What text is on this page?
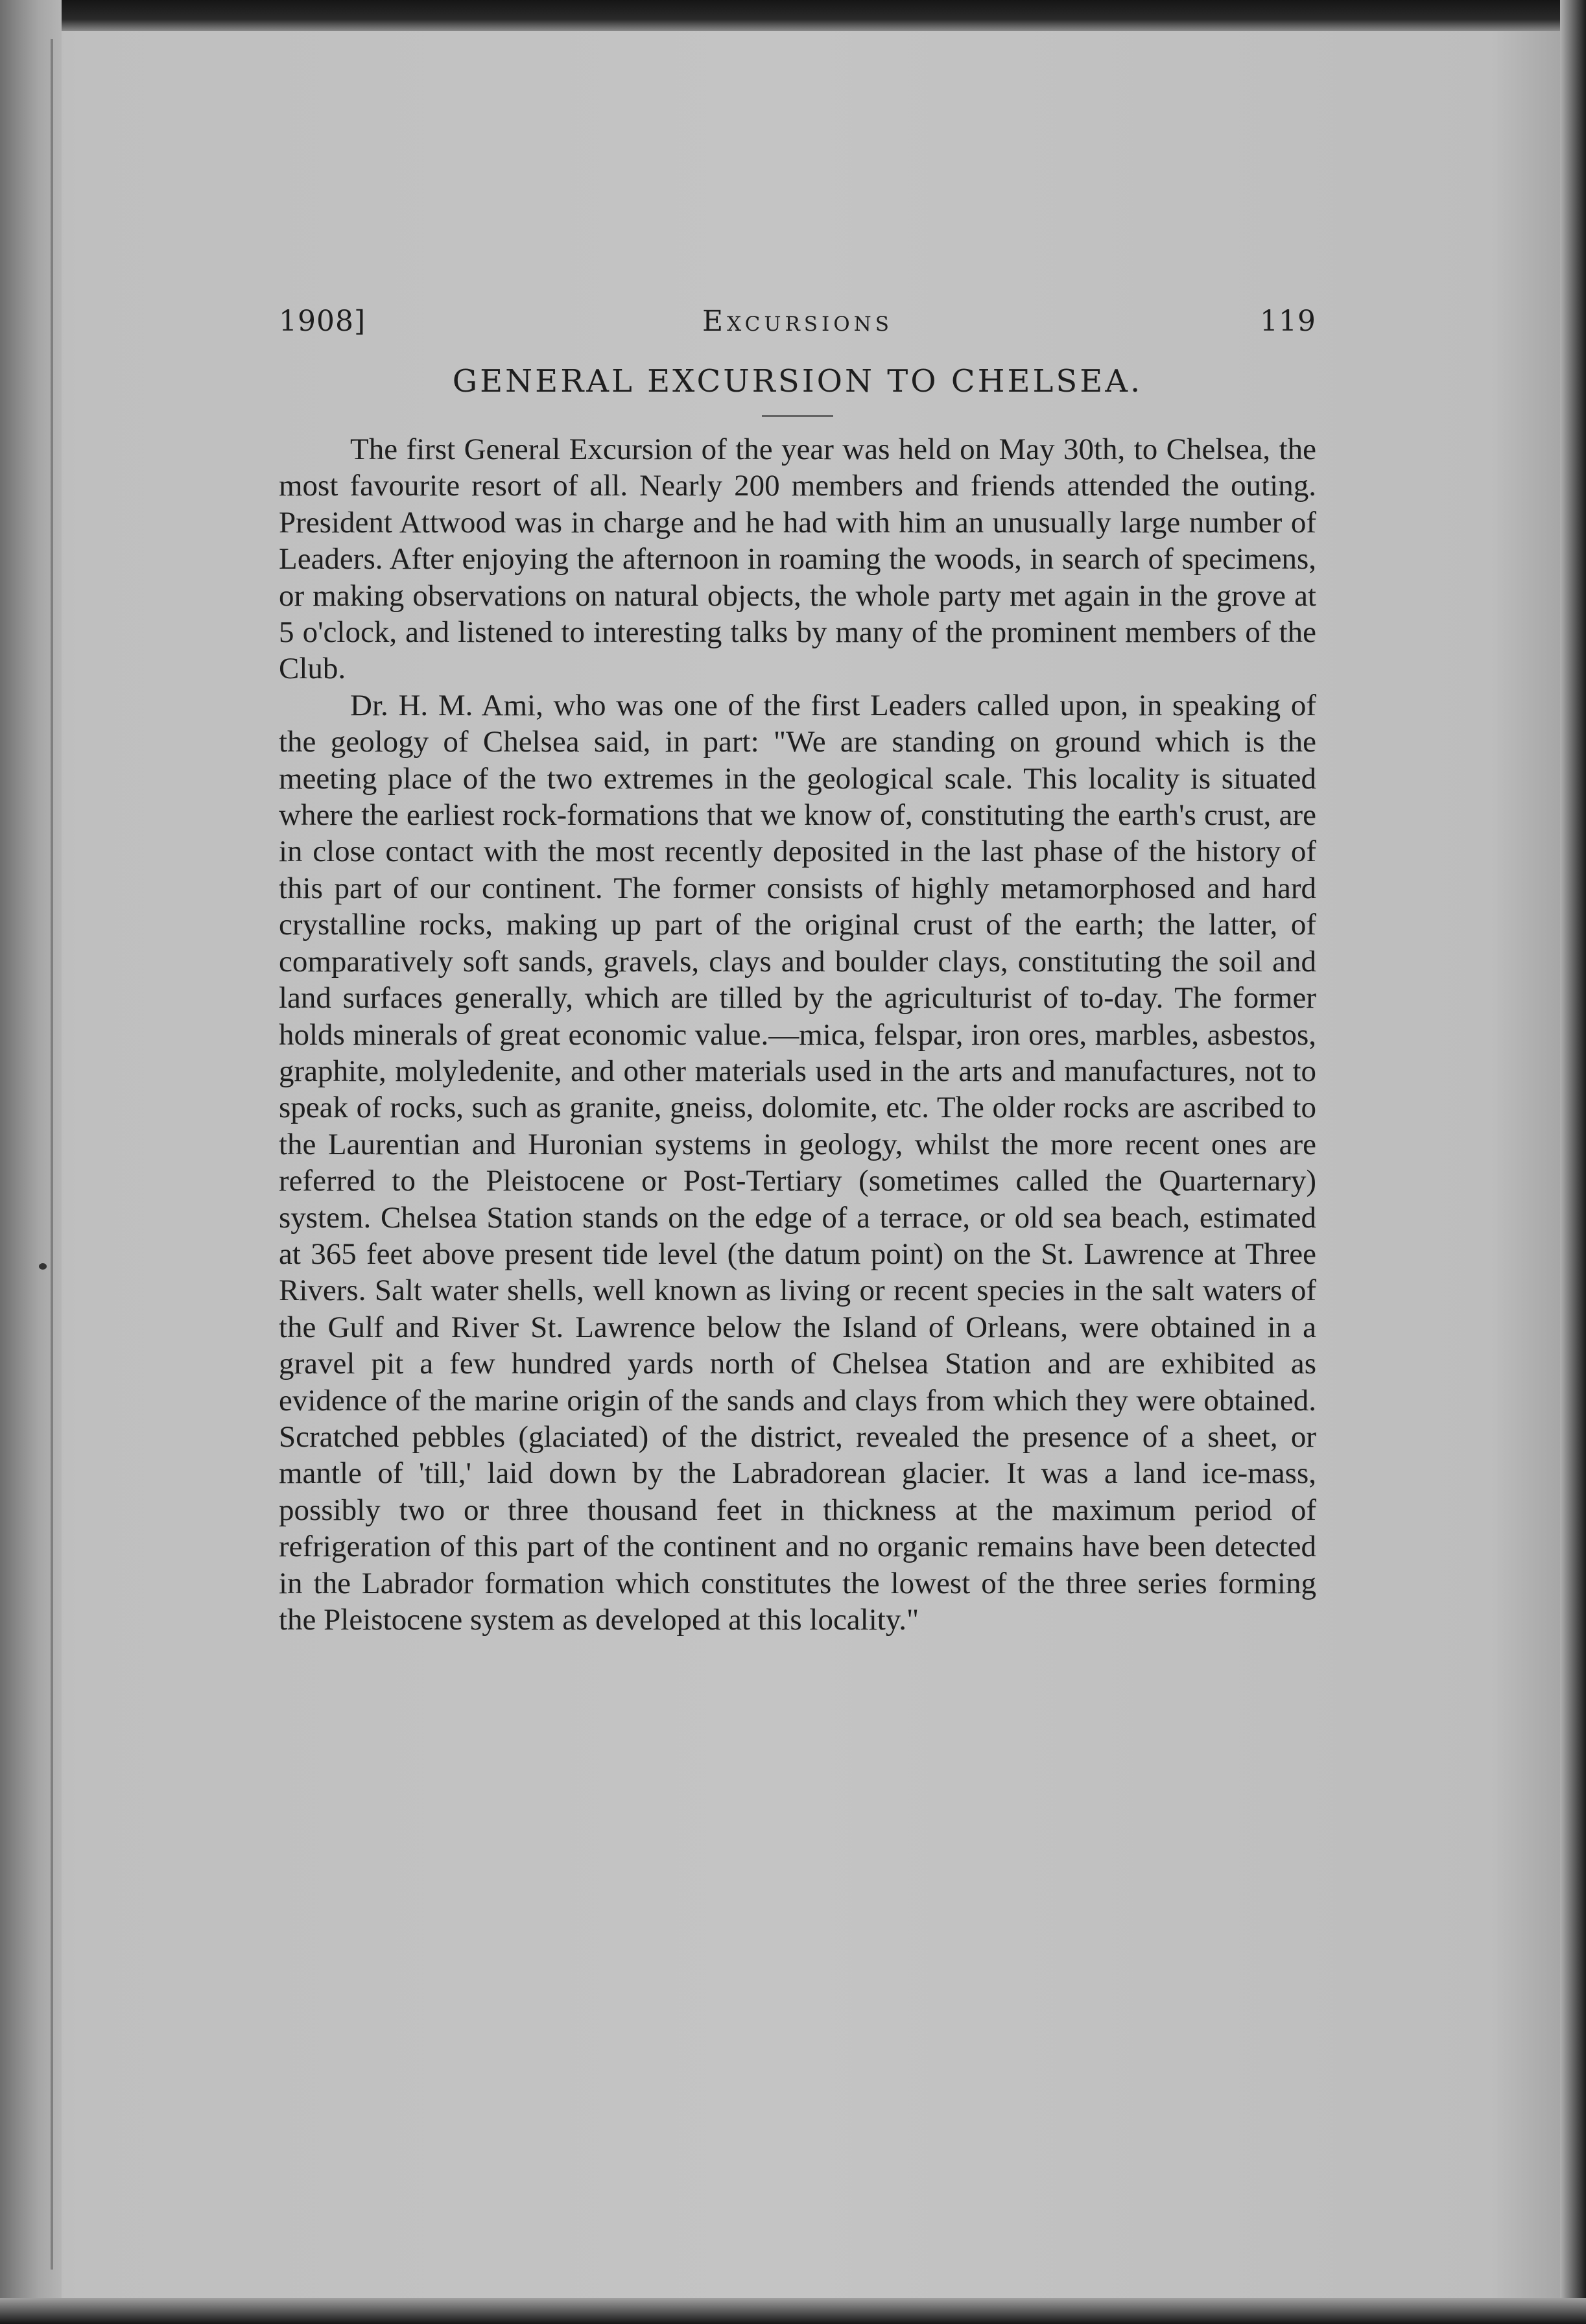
1908]	Excursions	119
GENERAL EXCURSION TO CHELSEA.

The first General Excursion of the year was held on May 30th, to Chelsea, the most favourite resort of all. Nearly 200 members and friends attended the outing. President Attwood was in charge and he had with him an unusually large number of Leaders. After enjoying the afternoon in roaming the woods, in search of specimens, or making observations on natural objects, the whole party met again in the grove at 5 o'clock, and listened to interesting talks by many of the prominent members of the Club.

Dr. H. M. Ami, who was one of the first Leaders called upon, in speaking of the geology of Chelsea said, in part: "We are standing on ground which is the meeting place of the two extremes in the geological scale. This locality is situated where the earliest rock-formations that we know of, constituting the earth's crust, are in close contact with the most recently deposited in the last phase of the history of this part of our continent. The former consists of highly metamorphosed and hard crystalline rocks, making up part of the original crust of the earth; the latter, of comparatively soft sands, gravels, clays and boulder clays, constituting the soil and land surfaces generally, which are tilled by the agriculturist of to-day. The former holds minerals of great economic value.—mica, felspar, iron ores, marbles, asbestos, graphite, molyledenite, and other materials used in the arts and manufactures, not to speak of rocks, such as granite, gneiss, dolomite, etc. The older rocks are ascribed to the Laurentian and Huronian systems in geology, whilst the more recent ones are referred to the Pleistocene or Post-Tertiary (sometimes called the Quarternary) system. Chelsea Station stands on the edge of a terrace, or old sea beach, estimated at 365 feet above present tide level (the datum point) on the St. Lawrence at Three Rivers. Salt water shells, well known as living or recent species in the salt waters of the Gulf and River St. Lawrence below the Island of Orleans, were obtained in a gravel pit a few hundred yards north of Chelsea Station and are exhibited as evidence of the marine origin of the sands and clays from which they were obtained. Scratched pebbles (glaciated) of the district, revealed the presence of a sheet, or mantle of 'till,' laid down by the Labradorean glacier. It was a land ice-mass, possibly two or three thousand feet in thickness at the maximum period of refrigeration of this part of the continent and no organic remains have been detected in the Labrador formation which constitutes the lowest of the three series forming the Pleistocene system as developed at this locality."
